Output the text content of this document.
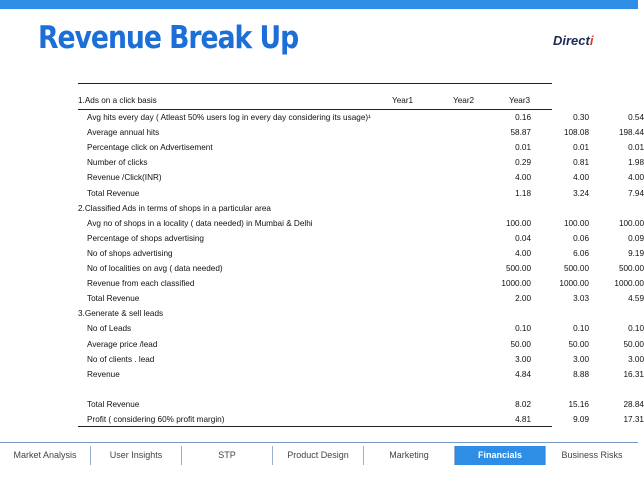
Revenue Break Up	Directi
1.Ads on a click basis	Year1	Year2	Year3
Avg hits every day ( Atleast 50% users log in every day considering its usage)¹	0.16	0.30	0.54
Average annual hits	58.87	108.08	198.44
Percentage click on Advertisement	0.01	0.01	0.01
Number of clicks	0.29	0.81	1.98
Revenue /Click(INR)	4.00	4.00	4.00
Total Revenue	1.18	3.24	7.94
2.Classified Ads in terms of shops in a particular area
Avg no of shops in a locality ( data needed) in Mumbai & Delhi	100.00	100.00	100.00
Percentage of shops advertising	0.04	0.06	0.09
No of shops advertising	4.00	6.06	9.19
No of localities on avg ( data needed)	500.00	500.00	500.00
Revenue from each classified	1000.00	1000.00	1000.00
Total Revenue	2.00	3.03	4.59
3.Generate & sell leads
No of Leads	0.10	0.10	0.10
Average price /lead	50.00	50.00	50.00
No of clients . lead	3.00	3.00	3.00
Revenue	4.84	8.88	16.31
Total Revenue	8.02	15.16	28.84
Profit ( considering 60% profit margin)	4.81	9.09	17.31
Market Analysis	User Insights	STP	Product Design	Marketing	Financials	Business Risks
